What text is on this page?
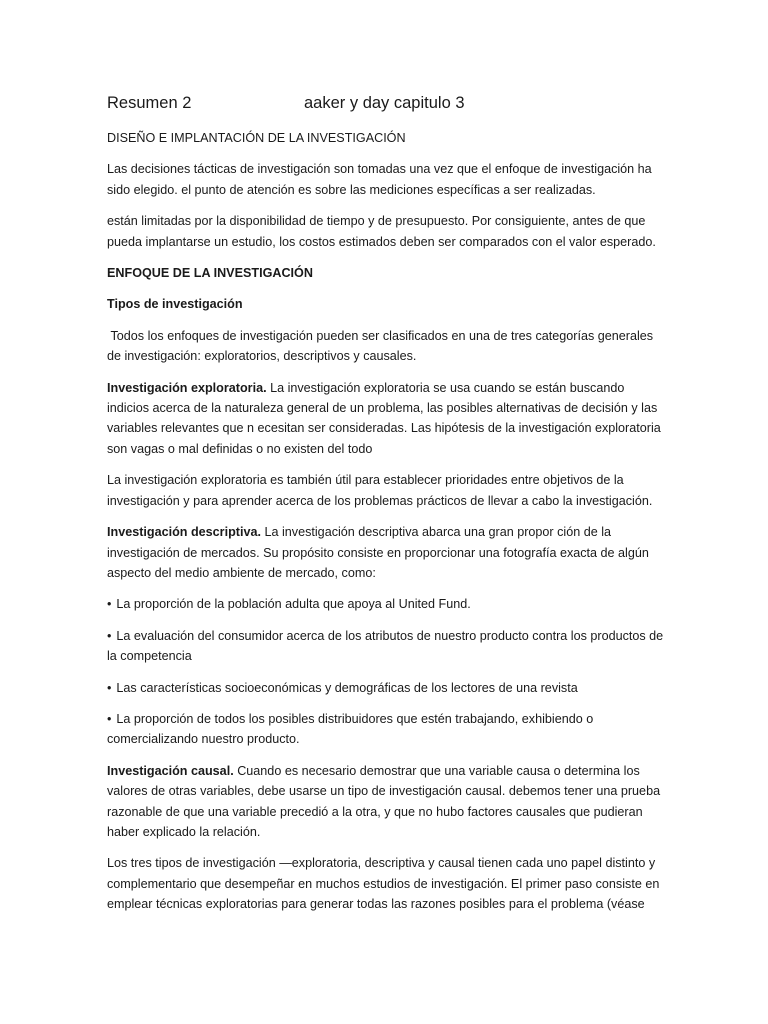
Resumen 2	aaker y day capitulo 3
DISEÑO E IMPLANTACIÓN DE LA INVESTIGACIÓN

Las decisiones tácticas de investigación son tomadas una vez que el enfoque de investigación ha sido elegido. el punto de atención es sobre las mediciones específicas a ser realizadas.

están limitadas por la disponibilidad de tiempo y de presupuesto. Por consiguiente, antes de que pueda implantarse un estudio, los costos estimados deben ser comparados con el valor esperado.

ENFOQUE DE LA INVESTIGACIÓN
Tipos de investigación

Todos los enfoques de investigación pueden ser clasificados en una de tres categorías generales de investigación: exploratorios, descriptivos y causales.

Investigación exploratoria. La investigación exploratoria se usa cuando se están buscando indicios acerca de la naturaleza general de un problema, las posibles alternativas de decisión y las variables relevantes que n ecesitan ser consideradas. Las hipótesis de la investigación exploratoria son vagas o mal definidas o no existen del todo

La investigación exploratoria es también útil para establecer prioridades entre objetivos de la investigación y para aprender acerca de los problemas prácticos de llevar a cabo la investigación.

Investigación descriptiva. La investigación descriptiva abarca una gran propor ción de la investigación de mercados. Su propósito consiste en proporcionar una fotografía exacta de algún aspecto del medio ambiente de mercado, como:

• La proporción de la población adulta que apoya al United Fund.

• La evaluación del consumidor acerca de los atributos de nuestro producto contra los productos de la competencia

• Las características socioeconómicas y demográficas de los lectores de una revista

• La proporción de todos los posibles distribuidores que estén trabajando, exhibiendo o comercializando nuestro producto.

Investigación causal. Cuando es necesario demostrar que una variable causa o determina los valores de otras variables, debe usarse un tipo de investigación causal. debemos tener una prueba razonable de que una variable precedió a la otra, y que no hubo factores causales que pudieran haber explicado la relación.

Los tres tipos de investigación —exploratoria, descriptiva y causal tienen cada uno papel distinto y complementario que desempeñar en muchos estudios de investigación. El primer paso consiste en emplear técnicas exploratorias para generar todas las razones posibles para el problema (véase
